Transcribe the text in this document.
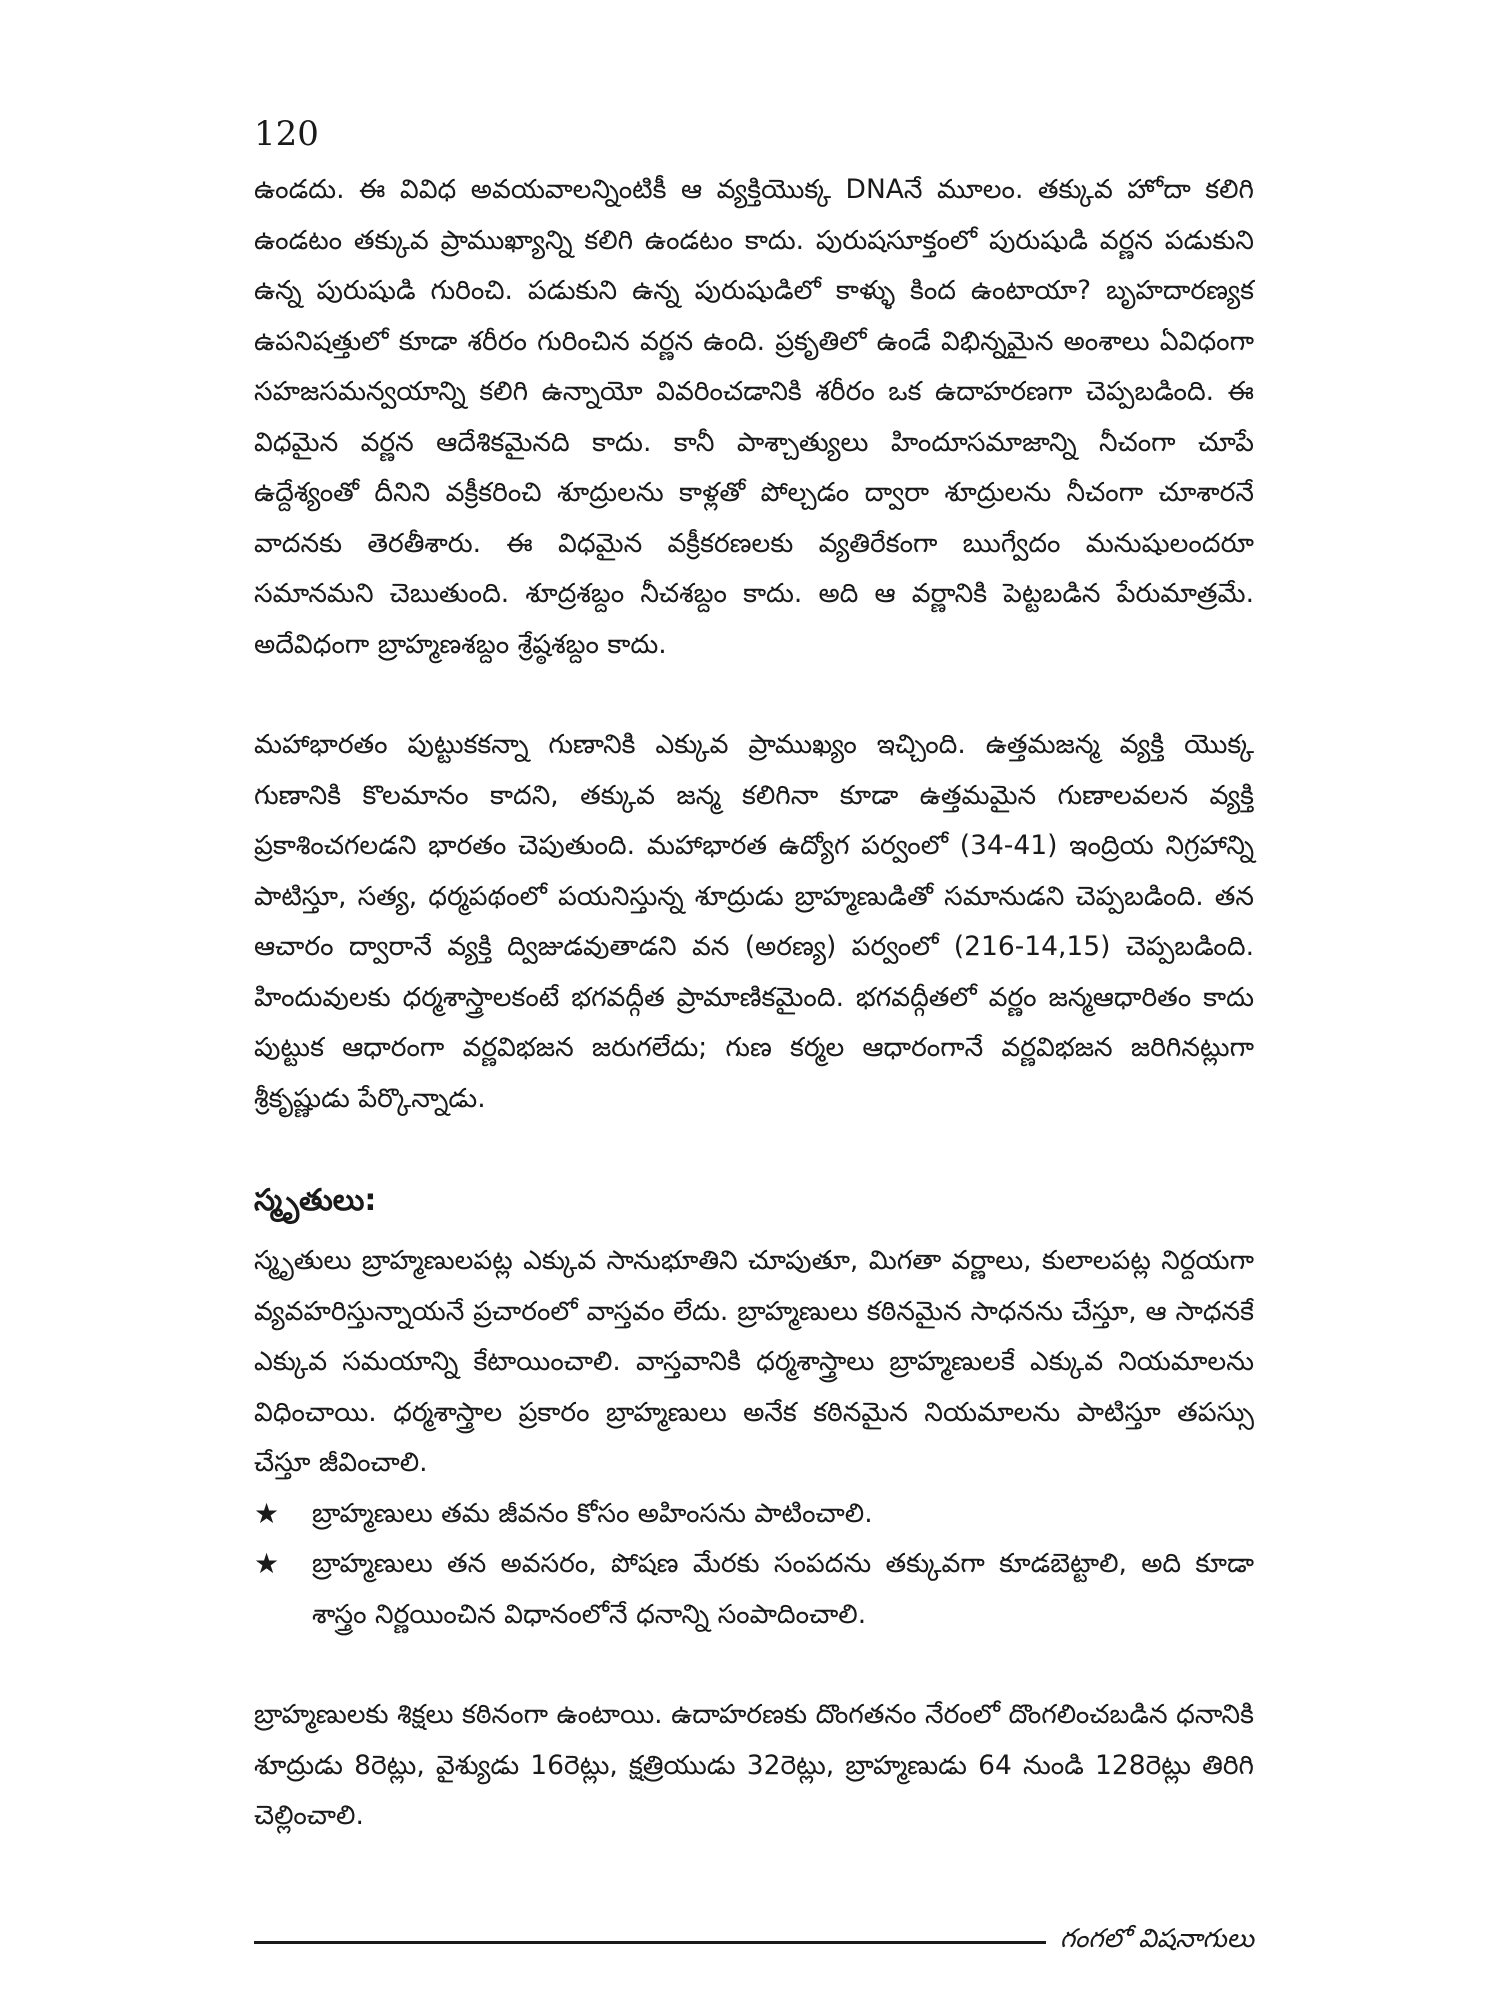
120

ఉండదు. ఈ వివిధ అవయవాలన్నింటికీ ఆ వ్యక్తియొక్క DNAనే మూలం. తక్కువ హోదా కలిగి ఉండటం తక్కువ ప్రాముఖ్యాన్ని కలిగి ఉండటం కాదు. పురుషసూక్తంలో పురుషుడి వర్ణన పడుకుని ఉన్న పురుషుడి గురించి. పడుకుని ఉన్న పురుషుడిలో కాళ్ళు కింద ఉంటాయా? బృహదారణ్యక ఉపనిషత్తులో కూడా శరీరం గురించిన వర్ణన ఉంది. ప్రకృతిలో ఉండే విభిన్నమైన అంశాలు ఏవిధంగా సహజసమన్వయాన్ని కలిగి ఉన్నాయో వివరించడానికి శరీరం ఒక ఉదాహరణగా చెప్పబడింది. ఈ విధమైన వర్ణన ఆదేశికమైనది కాదు. కానీ పాశ్చాత్యులు హిందూసమాజాన్ని నీచంగా చూపే ఉద్దేశ్యంతో దీనిని వక్రీకరించి శూద్రులను కాళ్లతో పోల్చడం ద్వారా శూద్రులను నీచంగా చూశారనే వాదనకు తెరతీశారు. ఈ విధమైన వక్రీకరణలకు వ్యతిరేకంగా ఋగ్వేదం మనుషులందరూ సమానమని చెబుతుంది. శూద్రశబ్దం నీచశబ్దం కాదు. అది ఆ వర్ణానికి పెట్టబడిన పేరుమాత్రమే. అదేవిధంగా బ్రాహ్మణశబ్దం శ్రేష్ఠశబ్దం కాదు.

మహాభారతం పుట్టుకకన్నా గుణానికి ఎక్కువ ప్రాముఖ్యం ఇచ్చింది. ఉత్తమజన్మ వ్యక్తి యొక్క గుణానికి కొలమానం కాదని, తక్కువ జన్మ కలిగినా కూడా ఉత్తమమైన గుణాలవలన వ్యక్తి ప్రకాశించగలడని భారతం చెపుతుంది. మహాభారత ఉద్యోగ పర్వంలో (34-41) ఇంద్రియ నిగ్రహాన్ని పాటిస్తూ, సత్య, ధర్మపథంలో పయనిస్తున్న శూద్రుడు బ్రాహ్మణుడితో సమానుడని చెప్పబడింది. తన ఆచారం ద్వారానే వ్యక్తి ద్విజుడవుతాడని వన (అరణ్య) పర్వంలో (216-14,15) చెప్పబడింది. హిందువులకు ధర్మశాస్త్రాలకంటే భగవద్గీత ప్రామాణికమైంది. భగవద్గీతలో వర్ణం జన్మఆధారితం కాదు పుట్టుక ఆధారంగా వర్ణవిభజన జరుగలేదు; గుణ కర్మల ఆధారంగానే వర్ణవిభజన జరిగినట్లుగా శ్రీకృష్ణుడు పేర్కొన్నాడు.

స్మృతులు:

స్మృతులు బ్రాహ్మణులపట్ల ఎక్కువ సానుభూతిని చూపుతూ, మిగతా వర్ణాలు, కులాలపట్ల నిర్దయగా వ్యవహరిస్తున్నాయనే ప్రచారంలో వాస్తవం లేదు. బ్రాహ్మణులు కఠినమైన సాధనను చేస్తూ, ఆ సాధనకే ఎక్కువ సమయాన్ని కేటాయించాలి. వాస్తవానికి ధర్మశాస్త్రాలు బ్రాహ్మణులకే ఎక్కువ నియమాలను విధించాయి. ధర్మశాస్త్రాల ప్రకారం బ్రాహ్మణులు అనేక కఠినమైన నియమాలను పాటిస్తూ తపస్సు చేస్తూ జీవించాలి.

★ బ్రాహ్మణులు తమ జీవనం కోసం అహింసను పాటించాలి.
★ బ్రాహ్మణులు తన అవసరం, పోషణ మేరకు సంపదను తక్కువగా కూడబెట్టాలి, అది కూడా శాస్త్రం నిర్ణయించిన విధానంలోనే ధనాన్ని సంపాదించాలి.

బ్రాహ్మణులకు శిక్షలు కఠినంగా ఉంటాయి. ఉదాహరణకు దొంగతనం నేరంలో దొంగలించబడిన ధనానికి శూద్రుడు 8రెట్లు, వైశ్యుడు 16రెట్లు, క్షత్రియుడు 32రెట్లు, బ్రాహ్మణుడు 64 నుండి 128రెట్లు తిరిగి చెల్లించాలి.

గంగలో విషనాగులు
